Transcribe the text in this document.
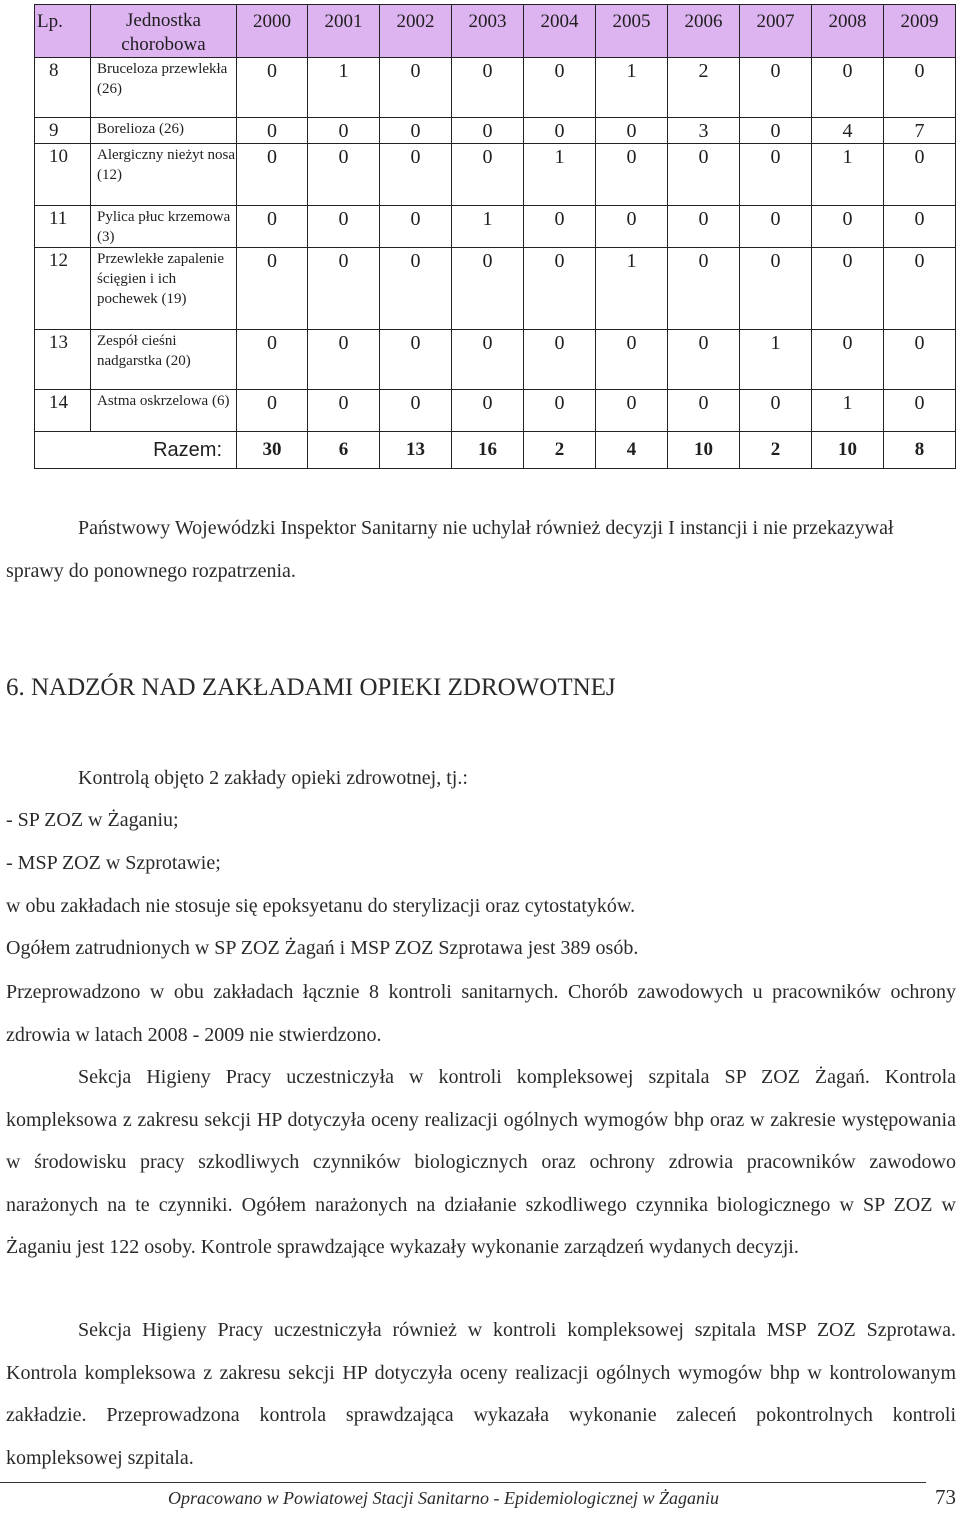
Lp.	Jednostka chorobowa	2000	2001	2002	2003	2004	2005	2006	2007	2008	2009
8	Bruceloza przewlekła (26)	0	1	0	0	0	1	2	0	0	0
9	Borelioza (26)	0	0	0	0	0	0	3	0	4	7
10	Alergiczny nieżyt nosa (12)	0	0	0	0	1	0	0	0	1	0
11	Pylica płuc krzemowa (3)	0	0	0	1	0	0	0	0	0	0
12	Przewlekłe zapalenie ścięgien i ich pochewek (19)	0	0	0	0	0	1	0	0	0	0
13	Zespół cieśni nadgarstka (20)	0	0	0	0	0	0	0	1	0	0
14	Astma oskrzelowa (6)	0	0	0	0	0	0	0	0	1	0
Razem:		30	6	13	16	2	4	10	2	10	8

Państwowy Wojewódzki Inspektor Sanitarny nie uchylał również decyzji I instancji i nie przekazywał sprawy do ponownego rozpatrzenia.

6. NADZÓR NAD ZAKŁADAMI OPIEKI ZDROWOTNEJ
Kontrolą objęto 2 zakłady opieki zdrowotnej, tj.:
- SP ZOZ w Żaganiu;
- MSP ZOZ w Szprotawie;
w obu zakładach nie stosuje się epoksyetanu do sterylizacji oraz cytostatyków.
Ogółem zatrudnionych w SP ZOZ Żagań i MSP ZOZ Szprotawa jest 389 osób.

Przeprowadzono w obu zakładach łącznie 8 kontroli sanitarnych. Chorób zawodowych u pracowników ochrony zdrowia w latach 2008 - 2009 nie stwierdzono.

Sekcja Higieny Pracy uczestniczyła w kontroli kompleksowej szpitala SP ZOZ Żagań. Kontrola kompleksowa z zakresu sekcji HP dotyczyła oceny realizacji ogólnych wymogów bhp oraz w zakresie występowania w środowisku pracy szkodliwych czynników biologicznych oraz ochrony zdrowia pracowników zawodowo narażonych na te czynniki. Ogółem narażonych na działanie szkodliwego czynnika biologicznego w SP ZOZ w Żaganiu jest 122 osoby. Kontrole sprawdzające wykazały wykonanie zarządzeń wydanych decyzji.

Sekcja Higieny Pracy uczestniczyła również w kontroli kompleksowej szpitala MSP ZOZ Szprotawa. Kontrola kompleksowa z zakresu sekcji HP dotyczyła oceny realizacji ogólnych wymogów bhp w kontrolowanym zakładzie. Przeprowadzona kontrola sprawdzająca wykazała wykonanie zaleceń pokontrolnych kontroli kompleksowej szpitala.

Opracowano w Powiatowej Stacji Sanitarno - Epidemiologicznej w Żaganiu	73
